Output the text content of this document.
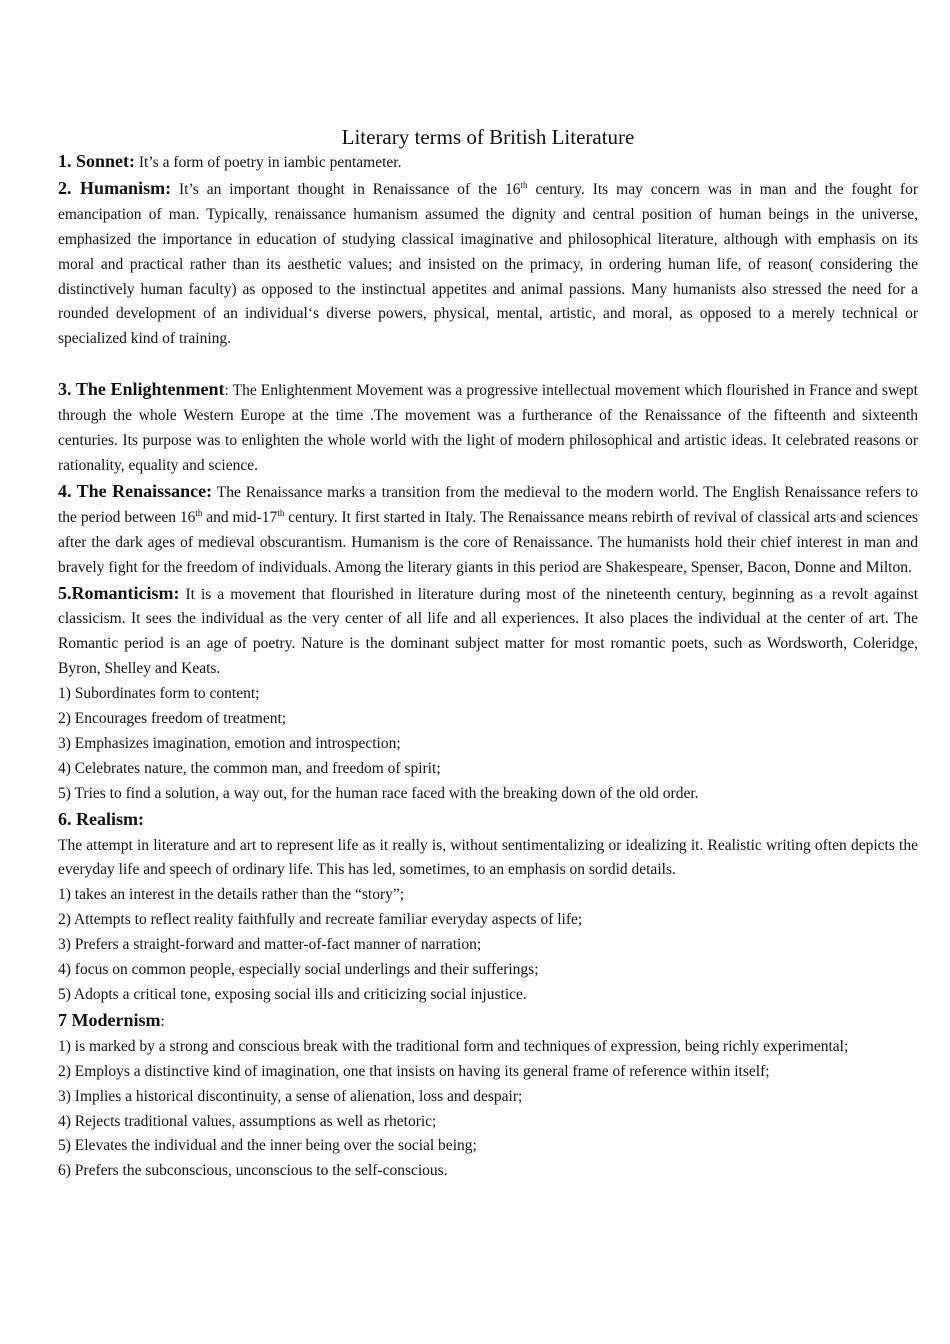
Literary terms of British Literature

1. Sonnet: It’s a form of poetry in iambic pentameter.

2. Humanism: It’s an important thought in Renaissance of the 16th century. Its may concern was in man and the fought for emancipation of man. Typically, renaissance humanism assumed the dignity and central position of human beings in the universe, emphasized the importance in education of studying classical imaginative and philosophical literature, although with emphasis on its moral and practical rather than its aesthetic values; and insisted on the primacy, in ordering human life, of reason( considering the distinctively human faculty) as opposed to the instinctual appetites and animal passions. Many humanists also stressed the need for a rounded development of an individual‘s diverse powers, physical, mental, artistic, and moral, as opposed to a merely technical or specialized kind of training.

3. The Enlightenment: The Enlightenment Movement was a progressive intellectual movement which flourished in France and swept through the whole Western Europe at the time .The movement was a furtherance of the Renaissance of the fifteenth and sixteenth centuries. Its purpose was to enlighten the whole world with the light of modern philosophical and artistic ideas. It celebrated reasons or rationality, equality and science.

4. The Renaissance: The Renaissance marks a transition from the medieval to the modern world. The English Renaissance refers to the period between 16th and mid-17th century. It first started in Italy. The Renaissance means rebirth of revival of classical arts and sciences after the dark ages of medieval obscurantism. Humanism is the core of Renaissance. The humanists hold their chief interest in man and bravely fight for the freedom of individuals. Among the literary giants in this period are Shakespeare, Spenser, Bacon, Donne and Milton.

5.Romanticism: It is a movement that flourished in literature during most of the nineteenth century, beginning as a revolt against classicism. It sees the individual as the very center of all life and all experiences. It also places the individual at the center of art. The Romantic period is an age of poetry. Nature is the dominant subject matter for most romantic poets, such as Wordsworth, Coleridge, Byron, Shelley and Keats.

1) Subordinates form to content;

2) Encourages freedom of treatment;

3) Emphasizes imagination, emotion and introspection;

4) Celebrates nature, the common man, and freedom of spirit;

5) Tries to find a solution, a way out, for the human race faced with the breaking down of the old order.

6. Realism:

The attempt in literature and art to represent life as it really is, without sentimentalizing or idealizing it. Realistic writing often depicts the everyday life and speech of ordinary life. This has led, sometimes, to an emphasis on sordid details.

1) takes an interest in the details rather than the “story”;

2) Attempts to reflect reality faithfully and recreate familiar everyday aspects of life;

3) Prefers a straight-forward and matter-of-fact manner of narration;

4) focus on common people, especially social underlings and their sufferings;

5) Adopts a critical tone, exposing social ills and criticizing social injustice.

7 Modernism:

1) is marked by a strong and conscious break with the traditional form and techniques of expression, being richly experimental;

2) Employs a distinctive kind of imagination, one that insists on having its general frame of reference within itself;

3) Implies a historical discontinuity, a sense of alienation, loss and despair;

4) Rejects traditional values, assumptions as well as rhetoric;

5) Elevates the individual and the inner being over the social being;

6) Prefers the subconscious, unconscious to the self-conscious.
